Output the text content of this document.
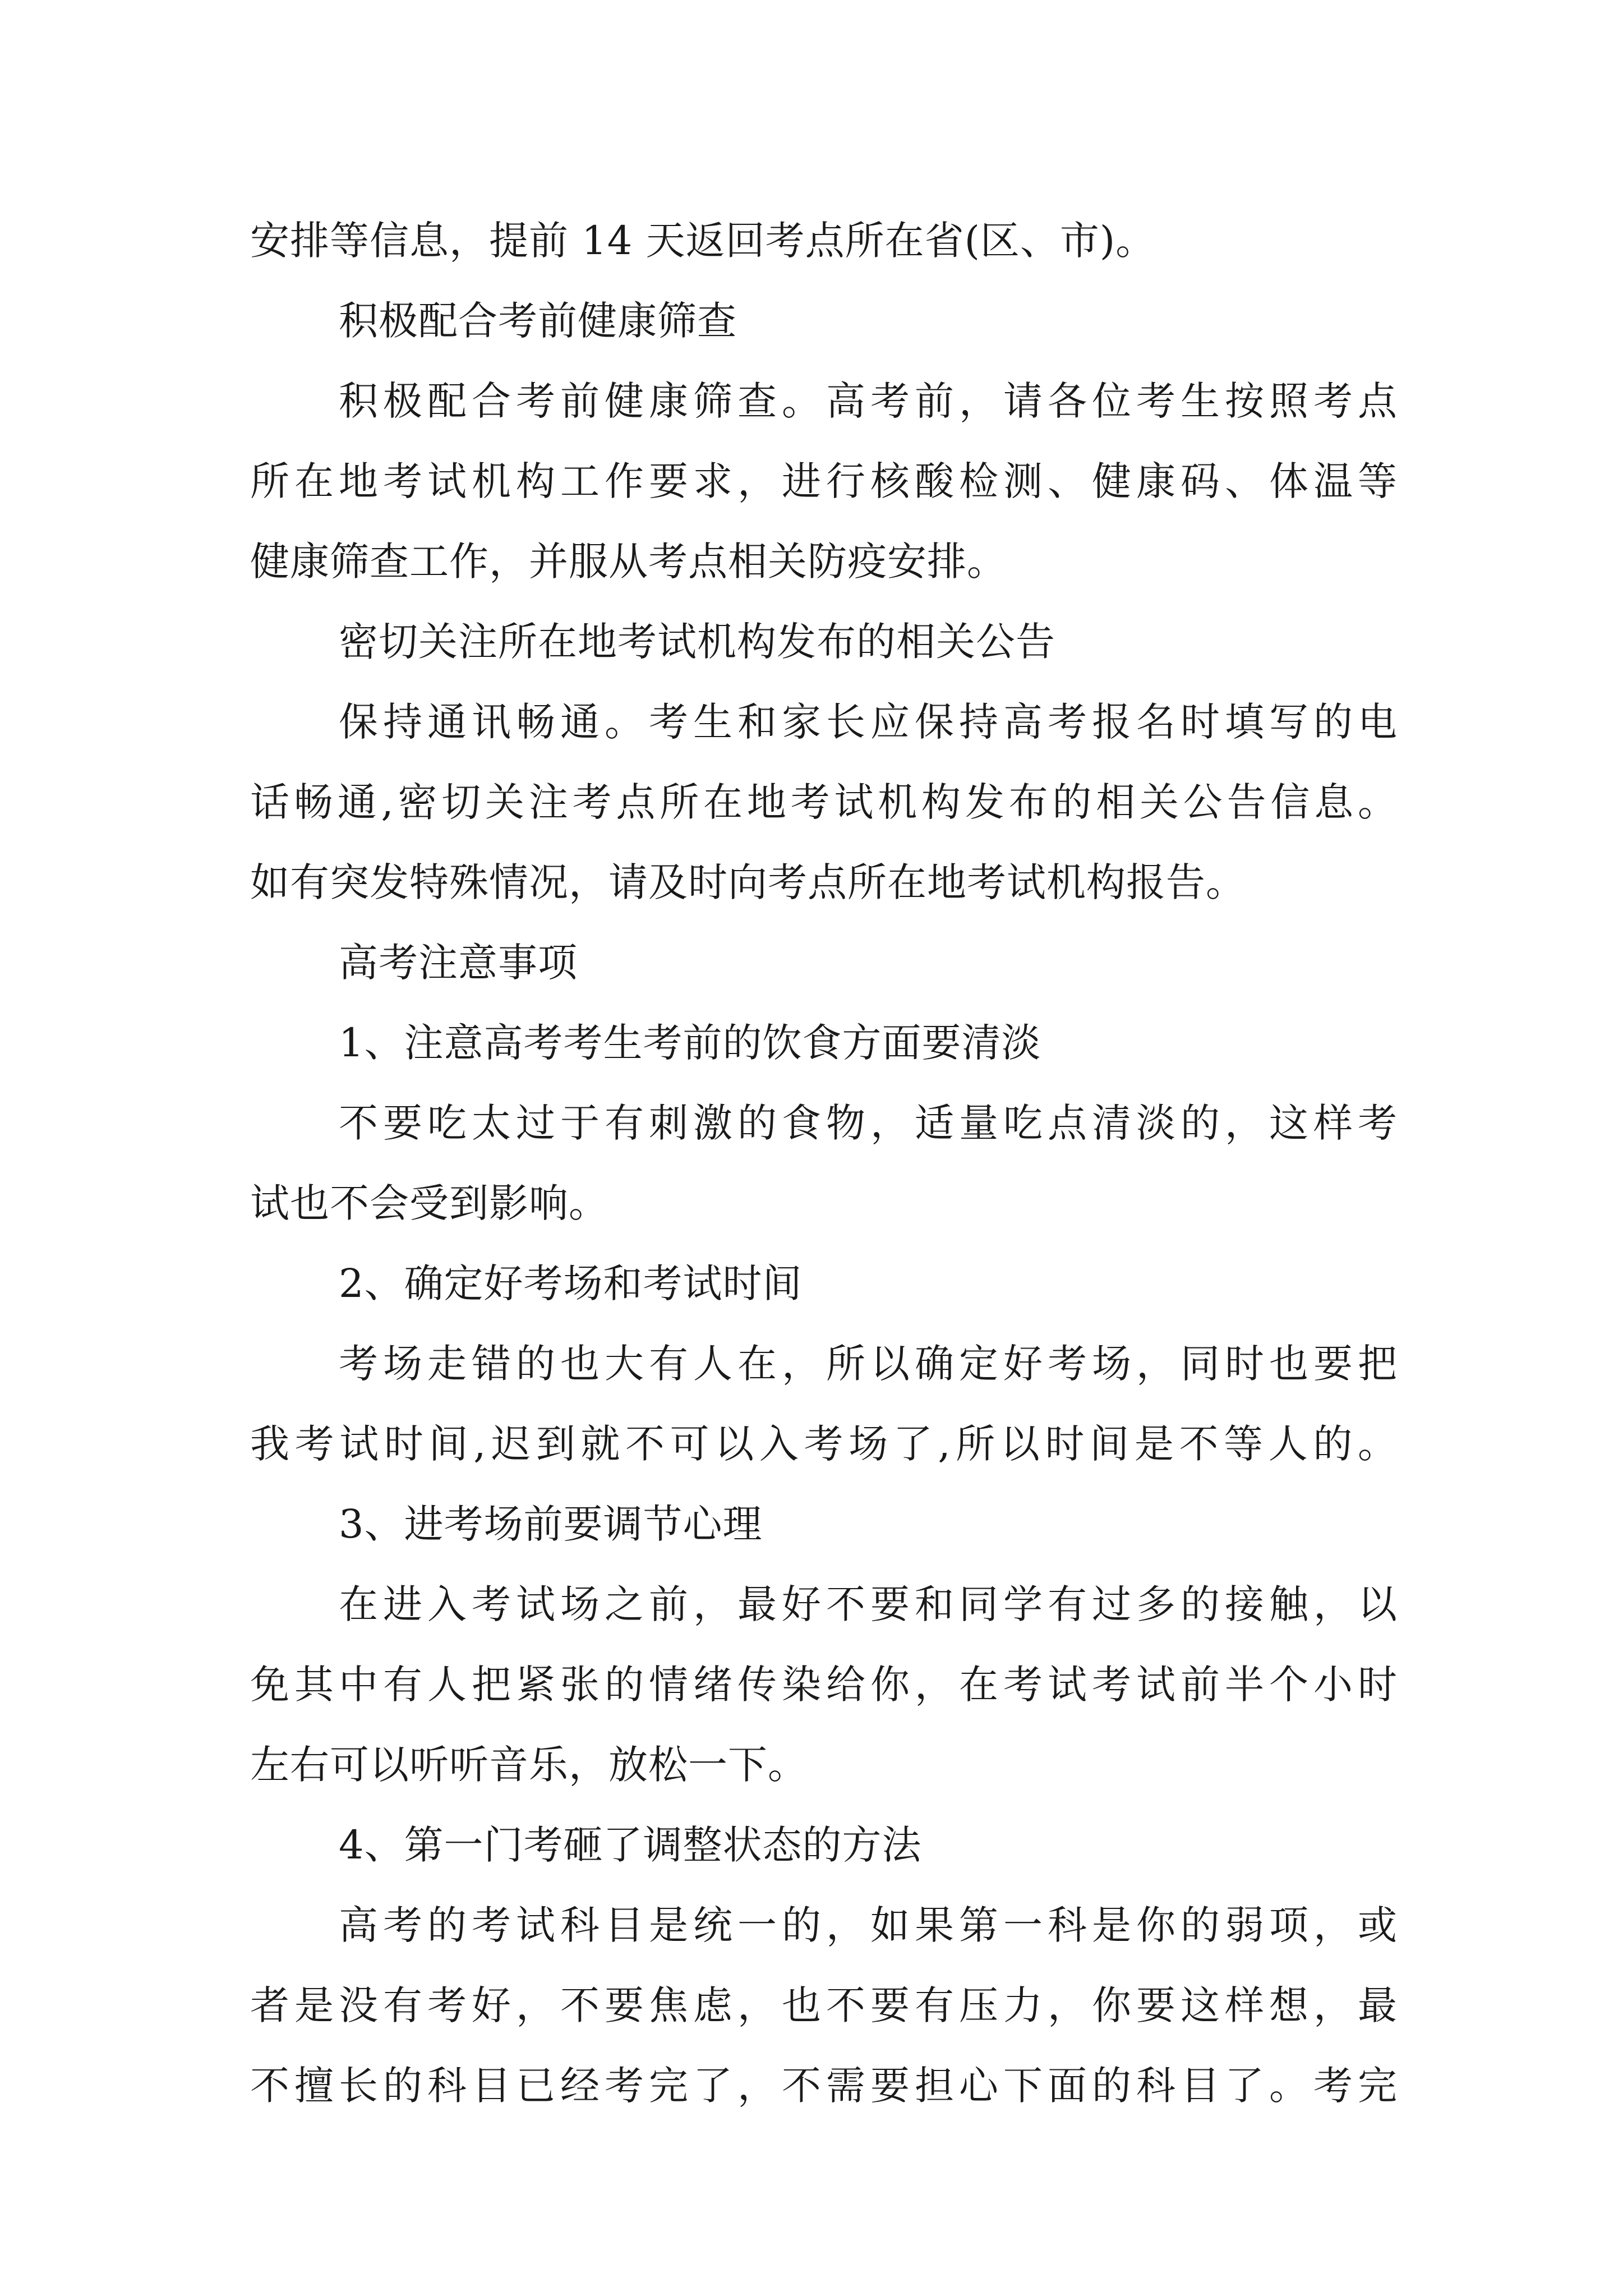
安排等信息，提前 14 天返回考点所在省(区、市)。

积极配合考前健康筛查

积极配合考前健康筛查。高考前，请各位考生按照考点

所在地考试机构工作要求，进行核酸检测、健康码、体温等

健康筛查工作，并服从考点相关防疫安排。

密切关注所在地考试机构发布的相关公告

保持通讯畅通。考生和家长应保持高考报名时填写的电

话畅通,密切关注考点所在地考试机构发布的相关公告信息。

如有突发特殊情况，请及时向考点所在地考试机构报告。

高考注意事项

1、注意高考考生考前的饮食方面要清淡

不要吃太过于有刺激的食物，适量吃点清淡的，这样考

试也不会受到影响。

2、确定好考场和考试时间

考场走错的也大有人在，所以确定好考场，同时也要把

我考试时间,迟到就不可以入考场了,所以时间是不等人的。

3、进考场前要调节心理

在进入考试场之前，最好不要和同学有过多的接触，以

免其中有人把紧张的情绪传染给你，在考试考试前半个小时

左右可以听听音乐，放松一下。

4、第一门考砸了调整状态的方法

高考的考试科目是统一的，如果第一科是你的弱项，或

者是没有考好，不要焦虑，也不要有压力，你要这样想，最

不擅长的科目已经考完了，不需要担心下面的科目了。考完
